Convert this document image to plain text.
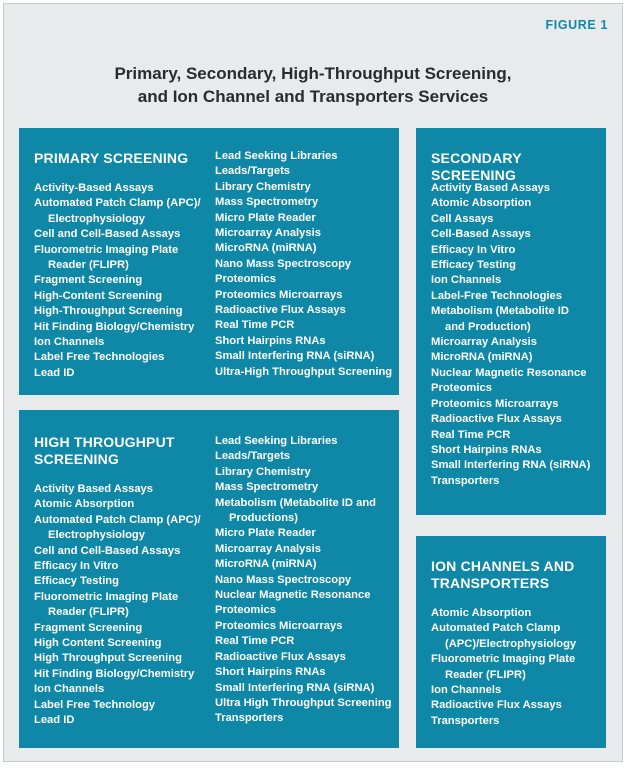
FIGURE 1
Primary, Secondary, High-Throughput Screening,
and Ion Channel and Transporters Services
PRIMARY SCREENING
Activity-Based Assays
Automated Patch Clamp (APC)/
Electrophysiology
Cell and Cell-Based Assays
Fluorometric Imaging Plate
Reader (FLIPR)
Fragment Screening
High-Content Screening
High-Throughput Screening
Hit Finding Biology/Chemistry
Ion Channels
Label Free Technologies
Lead ID
Lead Seeking Libraries
Leads/Targets
Library Chemistry
Mass Spectrometry
Micro Plate Reader
Microarray Analysis
MicroRNA (miRNA)
Nano Mass Spectroscopy
Proteomics
Proteomics Microarrays
Radioactive Flux Assays
Real Time PCR
Short Hairpins RNAs
Small Interfering RNA (siRNA)
Ultra-High Throughput Screening
HIGH THROUGHPUT
SCREENING
Activity Based Assays
Atomic Absorption
Automated Patch Clamp (APC)/
Electrophysiology
Cell and Cell-Based Assays
Efficacy In Vitro
Efficacy Testing
Fluorometric Imaging Plate
Reader (FLIPR)
Fragment Screening
High Content Screening
High Throughput Screening
Hit Finding Biology/Chemistry
Ion Channels
Label Free Technology
Lead ID
Lead Seeking Libraries
Leads/Targets
Library Chemistry
Mass Spectrometry
Metabolism (Metabolite ID and
Productions)
Micro Plate Reader
Microarray Analysis
MicroRNA (miRNA)
Nano Mass Spectroscopy
Nuclear Magnetic Resonance
Proteomics
Proteomics Microarrays
Real Time PCR
Radioactive Flux Assays
Short Hairpins RNAs
Small Interfering RNA (siRNA)
Ultra High Throughput Screening
Transporters
SECONDARY SCREENING
Activity Based Assays
Atomic Absorption
Cell Assays
Cell-Based Assays
Efficacy In Vitro
Efficacy Testing
Ion Channels
Label-Free Technologies
Metabolism (Metabolite ID
and Production)
Microarray Analysis
MicroRNA (miRNA)
Nuclear Magnetic Resonance
Proteomics
Proteomics Microarrays
Radioactive Flux Assays
Real Time PCR
Short Hairpins RNAs
Small Interfering RNA (siRNA)
Transporters
ION CHANNELS AND
TRANSPORTERS
Atomic Absorption
Automated Patch Clamp
(APC)/Electrophysiology
Fluorometric Imaging Plate
Reader (FLIPR)
Ion Channels
Radioactive Flux Assays
Transporters
